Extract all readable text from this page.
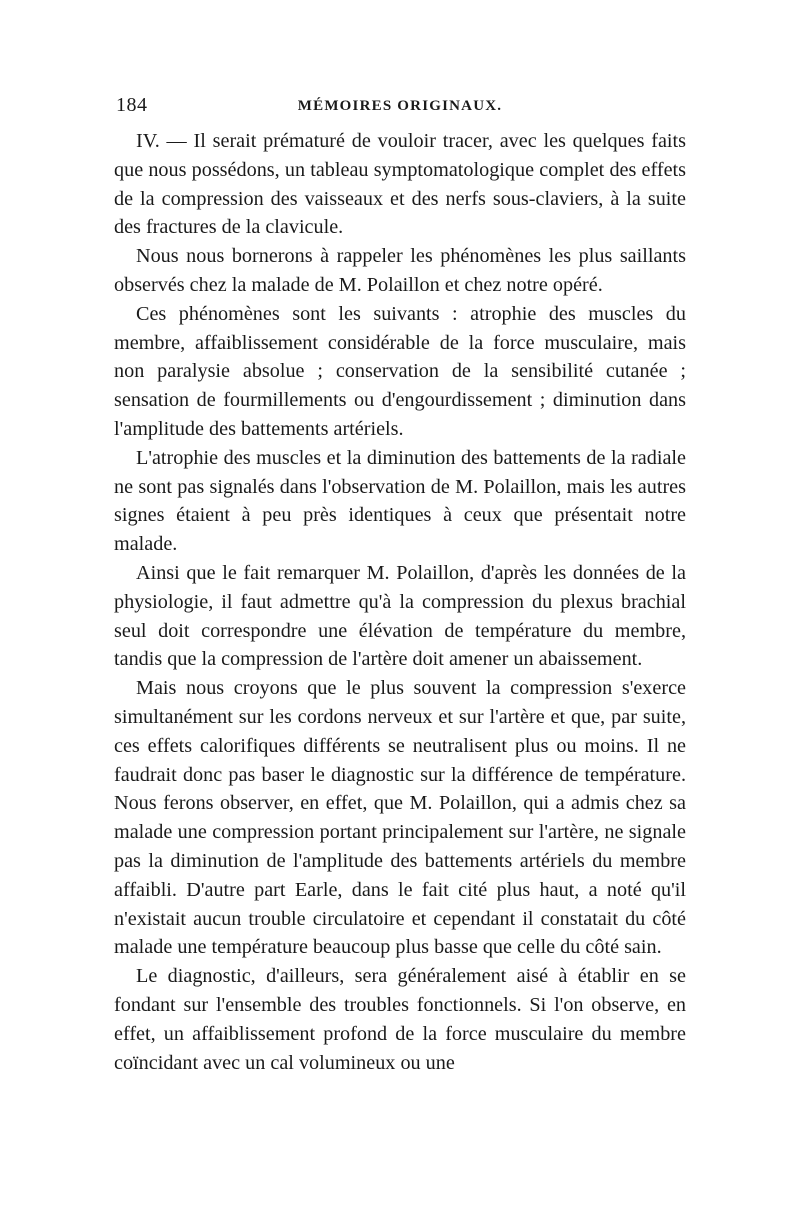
184	MÉMOIRES ORIGINAUX.

IV. — Il serait prématuré de vouloir tracer, avec les quelques faits que nous possédons, un tableau symptomatologique complet des effets de la compression des vaisseaux et des nerfs sous-claviers, à la suite des fractures de la clavicule.

Nous nous bornerons à rappeler les phénomènes les plus saillants observés chez la malade de M. Polaillon et chez notre opéré.

Ces phénomènes sont les suivants : atrophie des muscles du membre, affaiblissement considérable de la force musculaire, mais non paralysie absolue ; conservation de la sensibilité cutanée ; sensation de fourmillements ou d'engourdissement ; diminution dans l'amplitude des battements artériels.

L'atrophie des muscles et la diminution des battements de la radiale ne sont pas signalés dans l'observation de M. Polaillon, mais les autres signes étaient à peu près identiques à ceux que présentait notre malade.

Ainsi que le fait remarquer M. Polaillon, d'après les données de la physiologie, il faut admettre qu'à la compression du plexus brachial seul doit correspondre une élévation de température du membre, tandis que la compression de l'artère doit amener un abaissement.

Mais nous croyons que le plus souvent la compression s'exerce simultanément sur les cordons nerveux et sur l'artère et que, par suite, ces effets calorifiques différents se neutralisent plus ou moins. Il ne faudrait donc pas baser le diagnostic sur la différence de température. Nous ferons observer, en effet, que M. Polaillon, qui a admis chez sa malade une compression portant principalement sur l'artère, ne signale pas la diminution de l'amplitude des battements artériels du membre affaibli. D'autre part Earle, dans le fait cité plus haut, a noté qu'il n'existait aucun trouble circulatoire et cependant il constatait du côté malade une température beaucoup plus basse que celle du côté sain.

Le diagnostic, d'ailleurs, sera généralement aisé à établir en se fondant sur l'ensemble des troubles fonctionnels. Si l'on observe, en effet, un affaiblissement profond de la force musculaire du membre coïncidant avec un cal volumineux ou une
